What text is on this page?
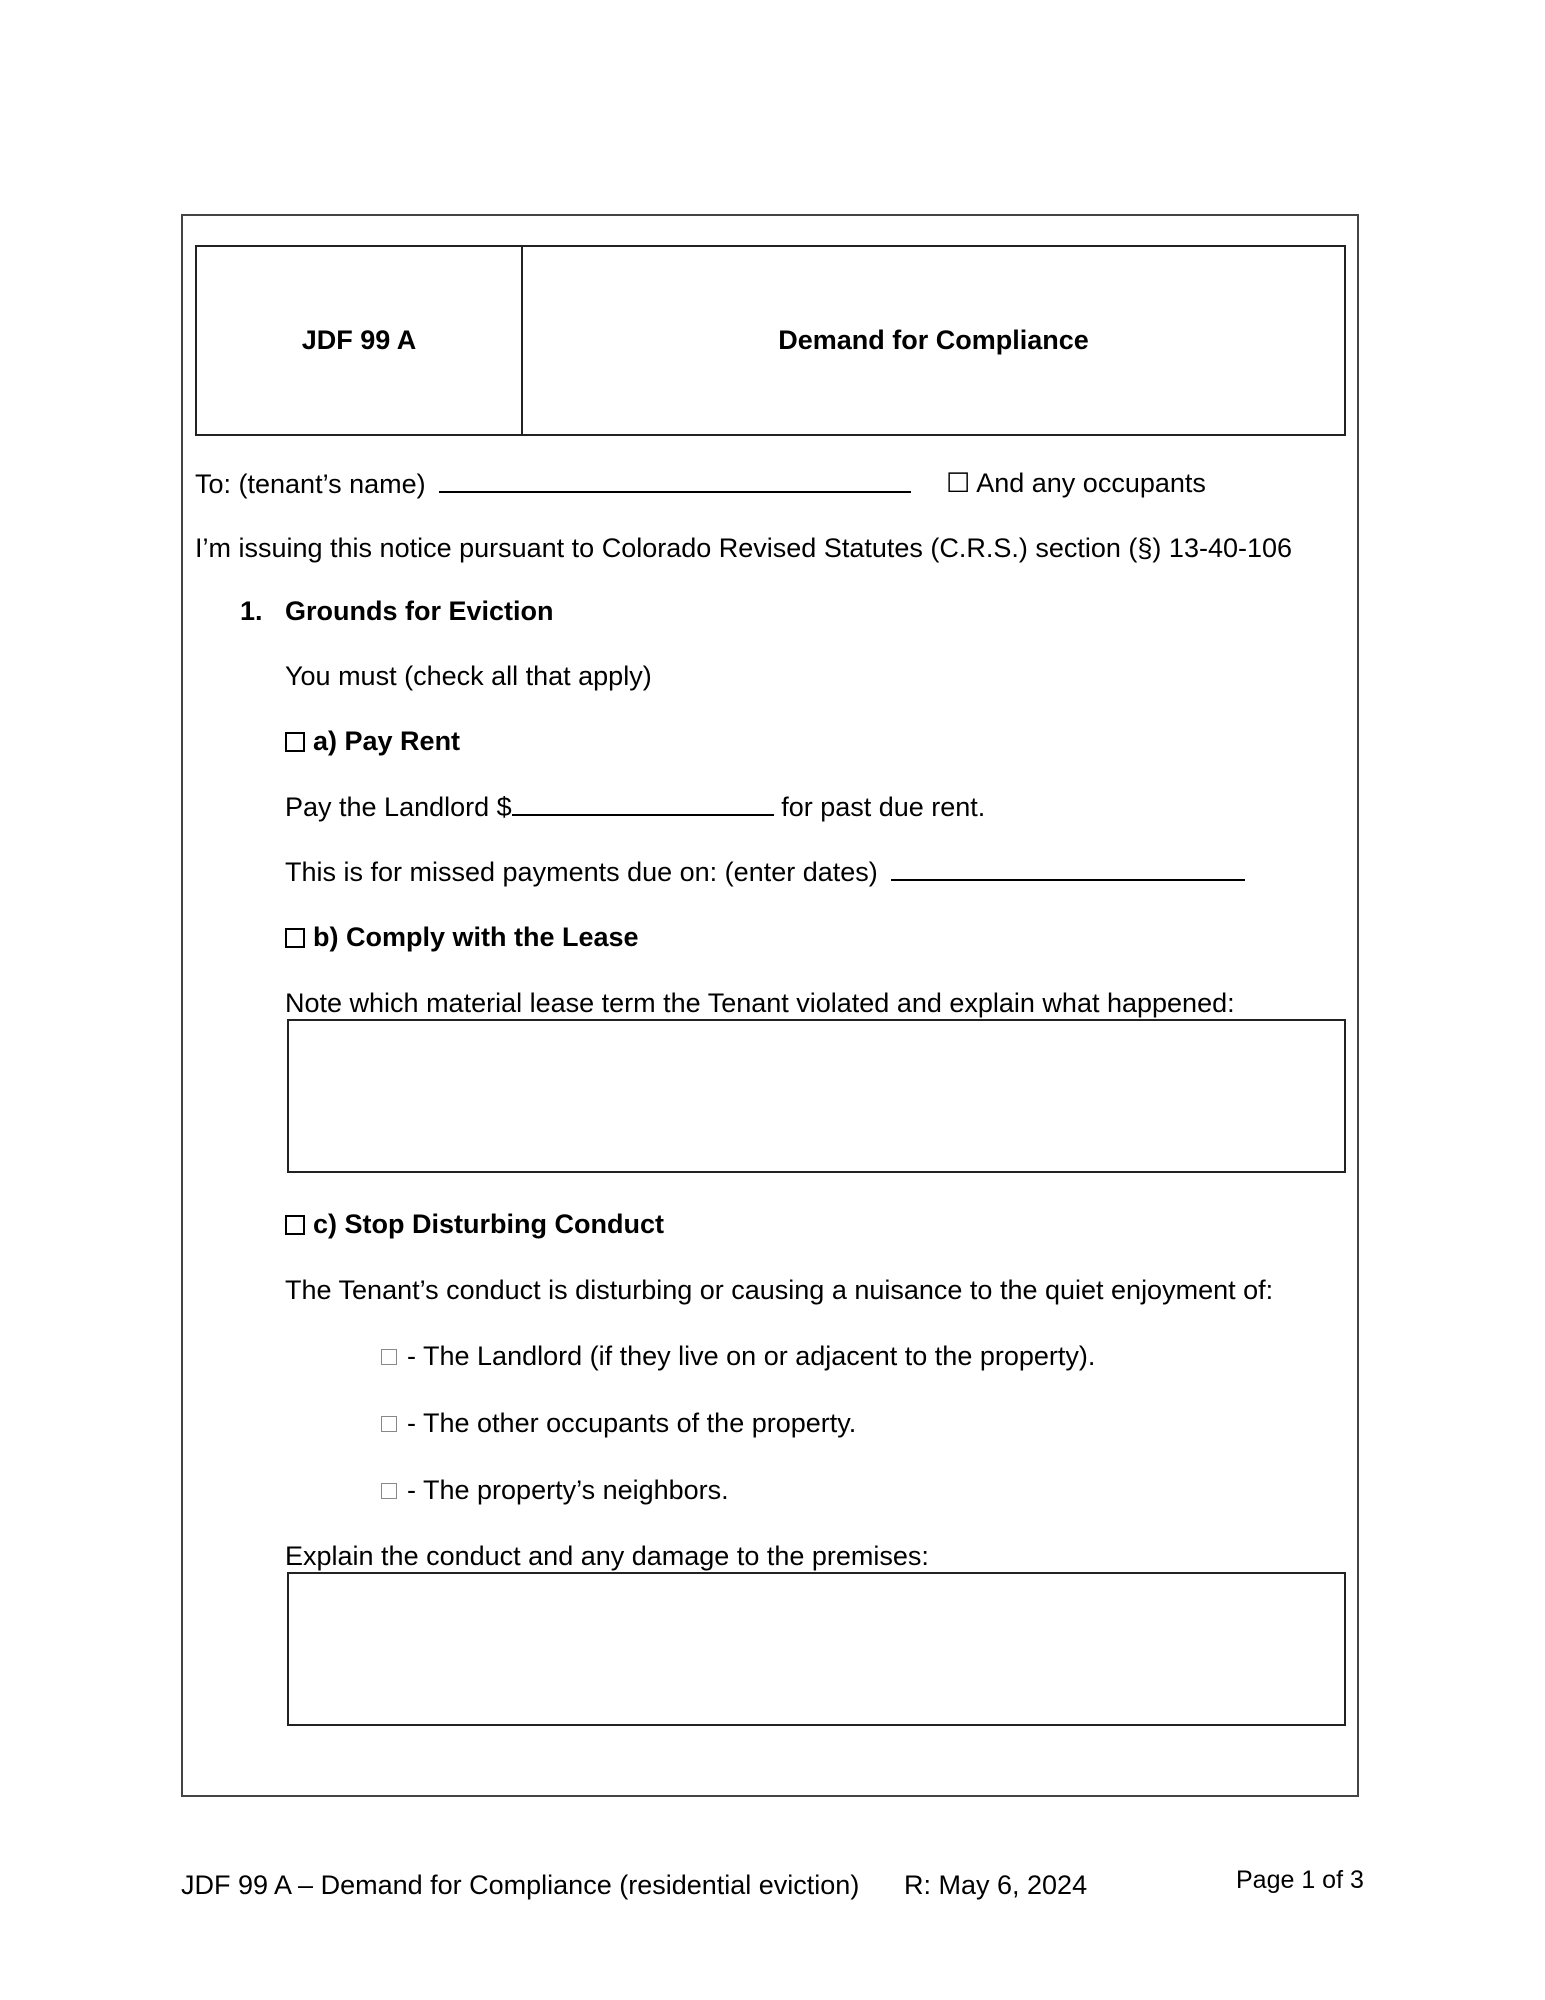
JDF 99 A	Demand for Compliance
To: (tenant’s name)	☐ And any occupants
I’m issuing this notice pursuant to Colorado Revised Statutes (C.R.S.) section (§) 13-40-106
1. Grounds for Eviction
You must (check all that apply)
a) Pay Rent
Pay the Landlord $	for past due rent.
This is for missed payments due on: (enter dates)
b) Comply with the Lease
Note which material lease term the Tenant violated and explain what happened:
c) Stop Disturbing Conduct
The Tenant’s conduct is disturbing or causing a nuisance to the quiet enjoyment of:
- The Landlord (if they live on or adjacent to the property).
- The other occupants of the property.
- The property’s neighbors.
Explain the conduct and any damage to the premises:
JDF 99 A – Demand for Compliance (residential eviction) R: May 6, 2024	Page 1 of 3
